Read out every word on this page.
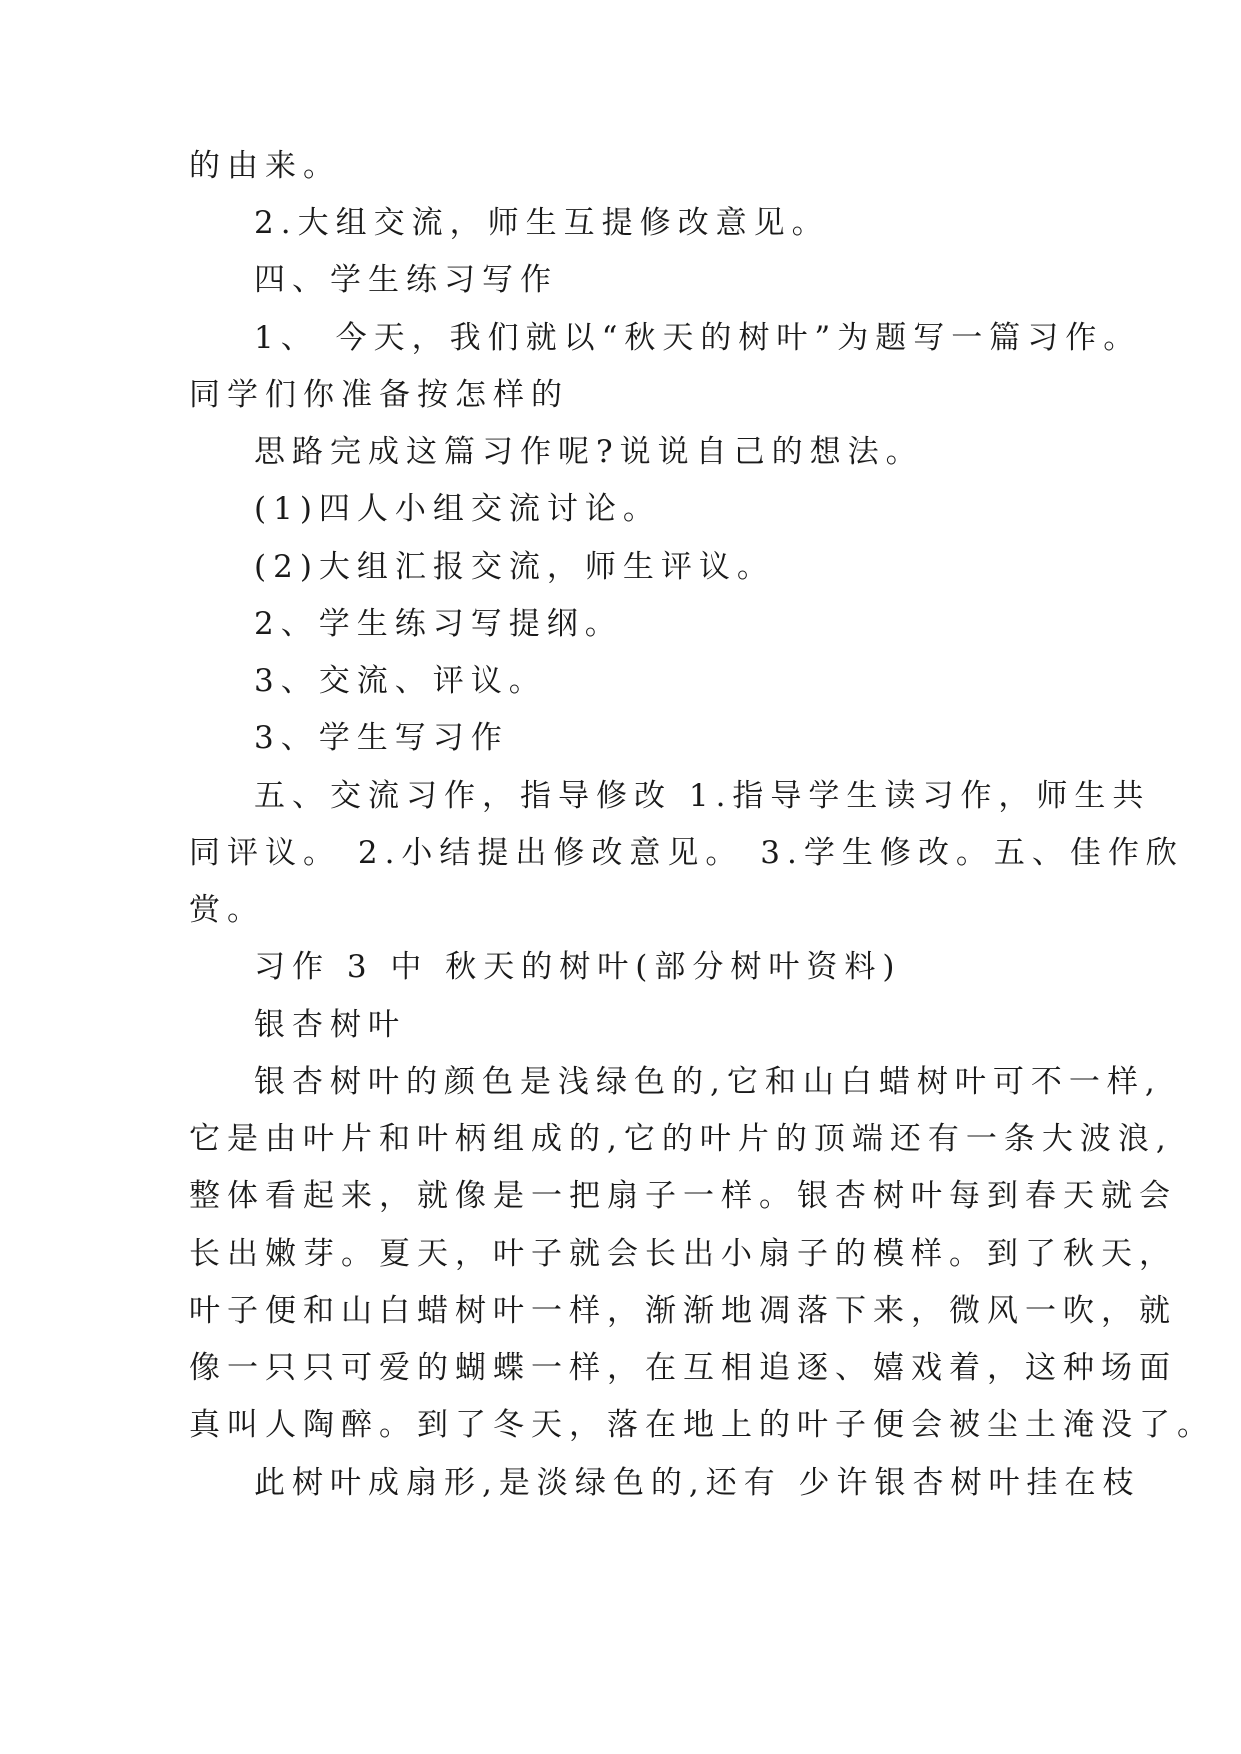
的由来。
2.大组交流，师生互提修改意见。
四、学生练习写作
1、 今天，我们就以“秋天的树叶”为题写一篇习作。
同学们你准备按怎样的
思路完成这篇习作呢?说说自己的想法。
(1)四人小组交流讨论。
(2)大组汇报交流，师生评议。
2、学生练习写提纲。
3、交流、评议。
3、学生写习作
五、交流习作，指导修改 1.指导学生读习作，师生共
同评议。 2.小结提出修改意见。 3.学生修改。五、佳作欣
赏。
习作 3 中 秋天的树叶(部分树叶资料)
银杏树叶
银杏树叶的颜色是浅绿色的,它和山白蜡树叶可不一样,
它是由叶片和叶柄组成的,它的叶片的顶端还有一条大波浪,
整体看起来，就像是一把扇子一样。银杏树叶每到春天就会
长出嫩芽。夏天，叶子就会长出小扇子的模样。到了秋天，
叶子便和山白蜡树叶一样，渐渐地凋落下来，微风一吹，就
像一只只可爱的蝴蝶一样，在互相追逐、嬉戏着，这种场面
真叫人陶醉。到了冬天，落在地上的叶子便会被尘土淹没了。
此树叶成扇形,是淡绿色的,还有 少许银杏树叶挂在枝
